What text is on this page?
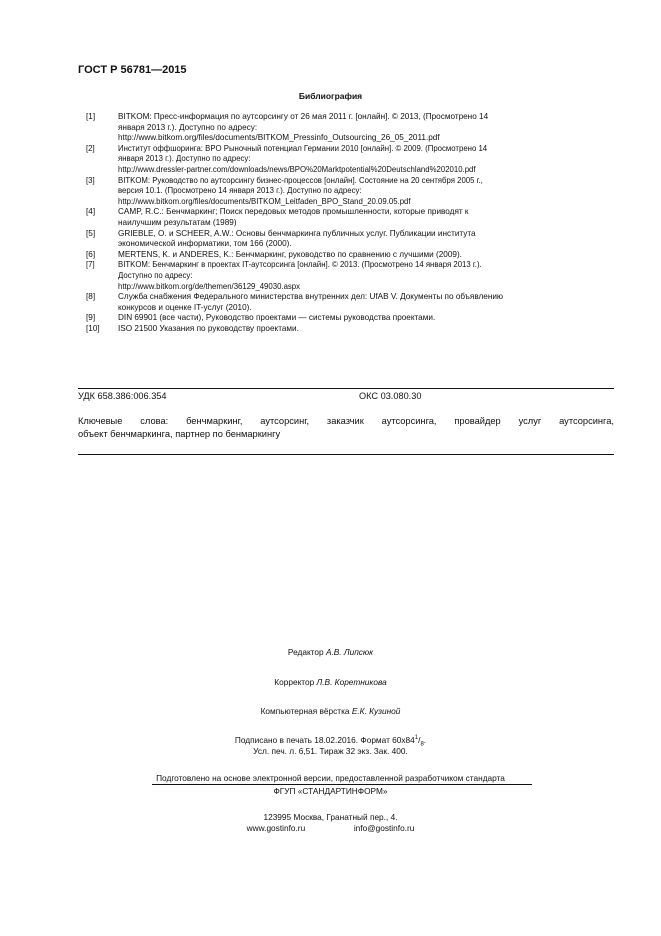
ГОСТ Р 56781—2015
Библиография
[1]	BITKOM: Пресс-информация по аутсорсингу от 26 мая 2011 г. [онлайн]. © 2013, (Просмотрено 14
января 2013 г.). Доступно по адресу:
http://www.bitkom.org/files/documents/BITKOM_Pressinfo_Outsourcing_26_05_2011.pdf
[2]	Институт оффшоринга: BPO Рыночный потенциал Германии 2010 [онлайн]. © 2009. (Просмотрено 14
января 2013 г.). Доступно по адресу:
http://www.dressler-partner.com/downloads/news/BPO%20Marktpotential%20Deutschland%202010.pdf
[3]	BITKOM: Руководство по аутсорсингу бизнес-процессов [онлайн]. Состояние на 20 сентября 2005 г.,
версия 10.1. (Просмотрено 14 января 2013 г.). Доступно по адресу:
http://www.bitkom.org/files/documents/BITKOM_Leitfaden_BPO_Stand_20.09.05.pdf
[4]	CAMP, R.C.: Бенчмаркинг; Поиск передовых методов промышленности, которые приводят к
наилучшим результатам (1989)
[5]	GRIEBLE, O. и SCHEER, A.W.: Основы бенчмаркинга публичных услуг. Публикации института
экономической информатики, том 166 (2000).
[6]	MERTENS, K. и ANDERES, K.: Бенчмаркинг, руководство по сравнению с лучшими (2009).
[7]	BITKOM: Бенчмаркинг в проектах IT-аутсорсинга [онлайн]. © 2013. (Просмотрено 14 января 2013 г.).
Доступно по адресу:
http://www.bitkom.org/de/themen/36129_49030.aspx
[8]	Служба снабжения Федерального министерства внутренних дел: UfAB V. Документы по объявлению
конкурсов и оценке IT-услуг (2010).
[9]	DIN 69901 (все части), Руководство проектами — системы руководства проектами.
[10]	ISO 21500 Указания по руководству проектами.
УДК 658.386:006.354	ОКС 03.080.30
Ключевые слова: бенчмаркинг, аутсорсинг, заказчик аутсорсинга, провайдер услуг аутсорсинга,
объект бенчмаркинга, партнер по бенмаркингу
Редактор А.В. Липсюк
Корректор Л.В. Коретникова
Компьютерная вёрстка Е.К. Кузиной
Подписано в печать 18.02.2016. Формат $60x84^1/_8$.
Усл. печ. л. 6,51. Тираж 32 экз. Зак. 400.
Подготовлено на основе электронной версии, предоставленной разработчиком стандарта
ФГУП «СТАНДАРТИНФОРМ»
123995 Москва, Гранатный пер., 4.
www.gostinfo.ru	info@gostinfo.ru
